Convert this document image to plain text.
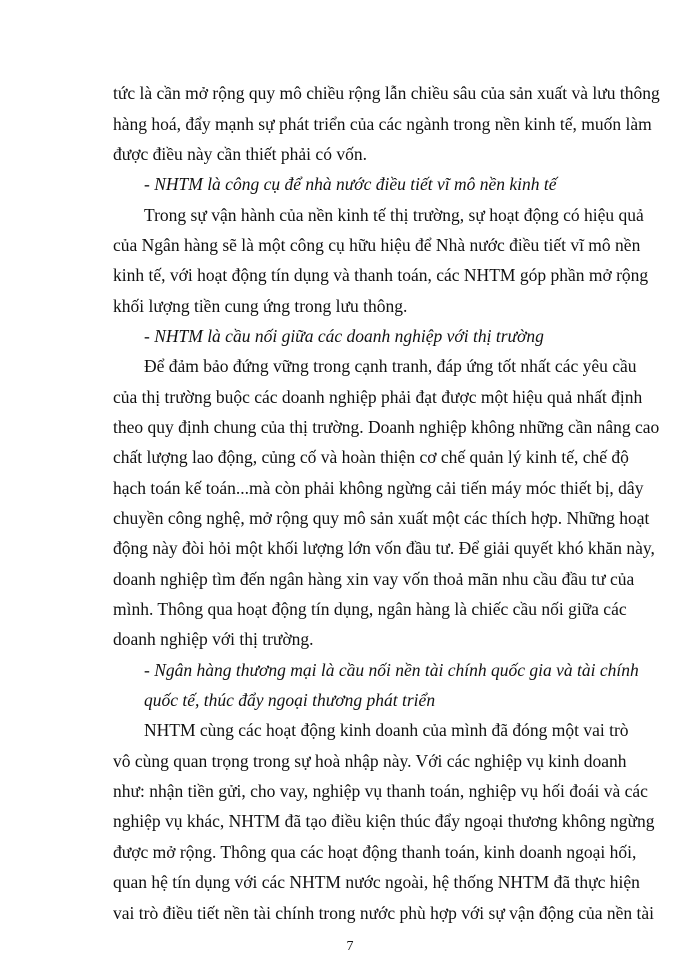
tức là cần mở rộng quy mô chiều rộng lẫn chiều sâu của sản xuất và lưu thông
hàng hoá, đẩy mạnh sự phát triển của các ngành trong nền kinh tế, muốn làm
được điều này cần thiết phải có vốn.
- NHTM là công cụ để nhà nước điều tiết vĩ mô nền kinh tế
Trong sự vận hành của nền kinh tế thị trường, sự hoạt động có hiệu quả
của Ngân hàng sẽ là một công cụ hữu hiệu để Nhà nước điều tiết vĩ mô nền
kinh tế, với hoạt động tín dụng và thanh toán, các NHTM góp phần mở rộng
khối lượng tiền cung ứng trong lưu thông.
- NHTM là cầu nối giữa các doanh nghiệp với thị trường
Để đảm bảo đứng vững trong cạnh tranh, đáp ứng tốt nhất các yêu cầu
của thị trường buộc các doanh nghiệp phải đạt được một hiệu quả nhất định
theo quy định chung của thị trường. Doanh nghiệp không những cần nâng cao
chất lượng lao động, củng cố và hoàn thiện cơ chế quản lý kinh tế, chế độ
hạch toán kế toán...mà còn phải không ngừng cải tiến máy móc thiết bị, dây
chuyền công nghệ, mở rộng quy mô sản xuất một các thích hợp. Những hoạt
động này đòi hỏi một khối lượng lớn vốn đầu tư. Để giải quyết khó khăn này,
doanh nghiệp tìm đến ngân hàng xin vay vốn thoả mãn nhu cầu đầu tư của
mình. Thông qua hoạt động tín dụng, ngân hàng là chiếc cầu nối giữa các
doanh nghiệp với thị trường.
- Ngân hàng thương mại là cầu nối nền tài chính quốc gia và tài chính
quốc tế, thúc đẩy ngoại thương phát triển
NHTM cùng các hoạt động kinh doanh của mình đã đóng một vai trò
vô cùng quan trọng trong sự hoà nhập này. Với các nghiệp vụ kinh doanh
như: nhận tiền gửi, cho vay, nghiệp vụ thanh toán, nghiệp vụ hối đoái và các
nghiệp vụ khác, NHTM đã tạo điều kiện thúc đẩy ngoại thương không ngừng
được mở rộng. Thông qua các hoạt động thanh toán, kinh doanh ngoại hối,
quan hệ tín dụng với các NHTM nước ngoài, hệ thống NHTM đã thực hiện
vai trò điều tiết nền tài chính trong nước phù hợp với sự vận động của nền tài
7
